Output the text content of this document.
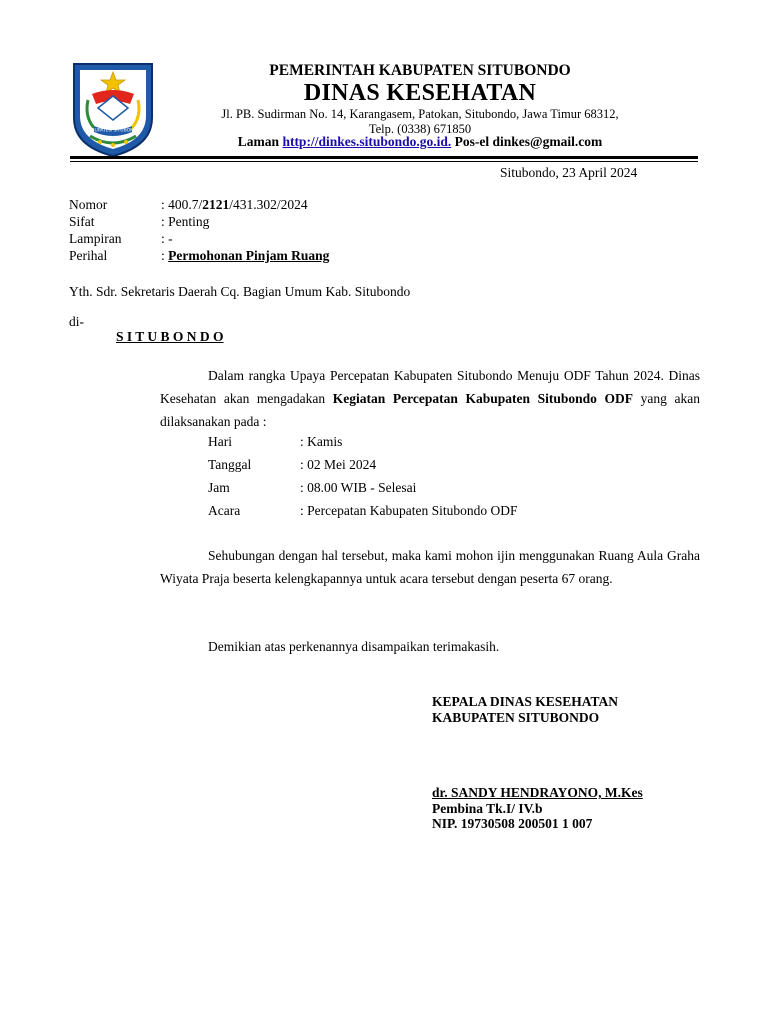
KABUPATEN SITUBONDO
PEMERINTAH KABUPATEN SITUBONDO
DINAS KESEHATAN
Jl. PB. Sudirman No. 14, Karangasem, Patokan, Situbondo, Jawa Timur 68312,
Telp. (0338) 671850
Laman http://dinkes.situbondo.go.id. Pos-el dinkes@gmail.com
Situbondo, 23 April 2024
Nomor	: 400.7/2121/431.302/2024
Sifat	: Penting
Lampiran	: -
Perihal	: Permohonan Pinjam Ruang
Yth. Sdr. Sekretaris Daerah Cq. Bagian Umum Kab. Situbondo
di-
S I T U B O N D O
Dalam rangka Upaya Percepatan Kabupaten Situbondo Menuju ODF Tahun 2024. Dinas Kesehatan akan mengadakan Kegiatan Percepatan Kabupaten Situbondo ODF yang akan dilaksanakan pada :
Hari	: Kamis
Tanggal	: 02 Mei 2024
Jam	: 08.00 WIB - Selesai
Acara	: Percepatan Kabupaten Situbondo ODF
Sehubungan dengan hal tersebut, maka kami mohon ijin menggunakan Ruang Aula Graha Wiyata Praja beserta kelengkapannya untuk acara tersebut dengan peserta 67 orang.
Demikian atas perkenannya disampaikan terimakasih.
KEPALA DINAS KESEHATAN
KABUPATEN SITUBONDO
dr. SANDY HENDRAYONO, M.Kes
Pembina Tk.I/ IV.b
NIP. 19730508 200501 1 007
